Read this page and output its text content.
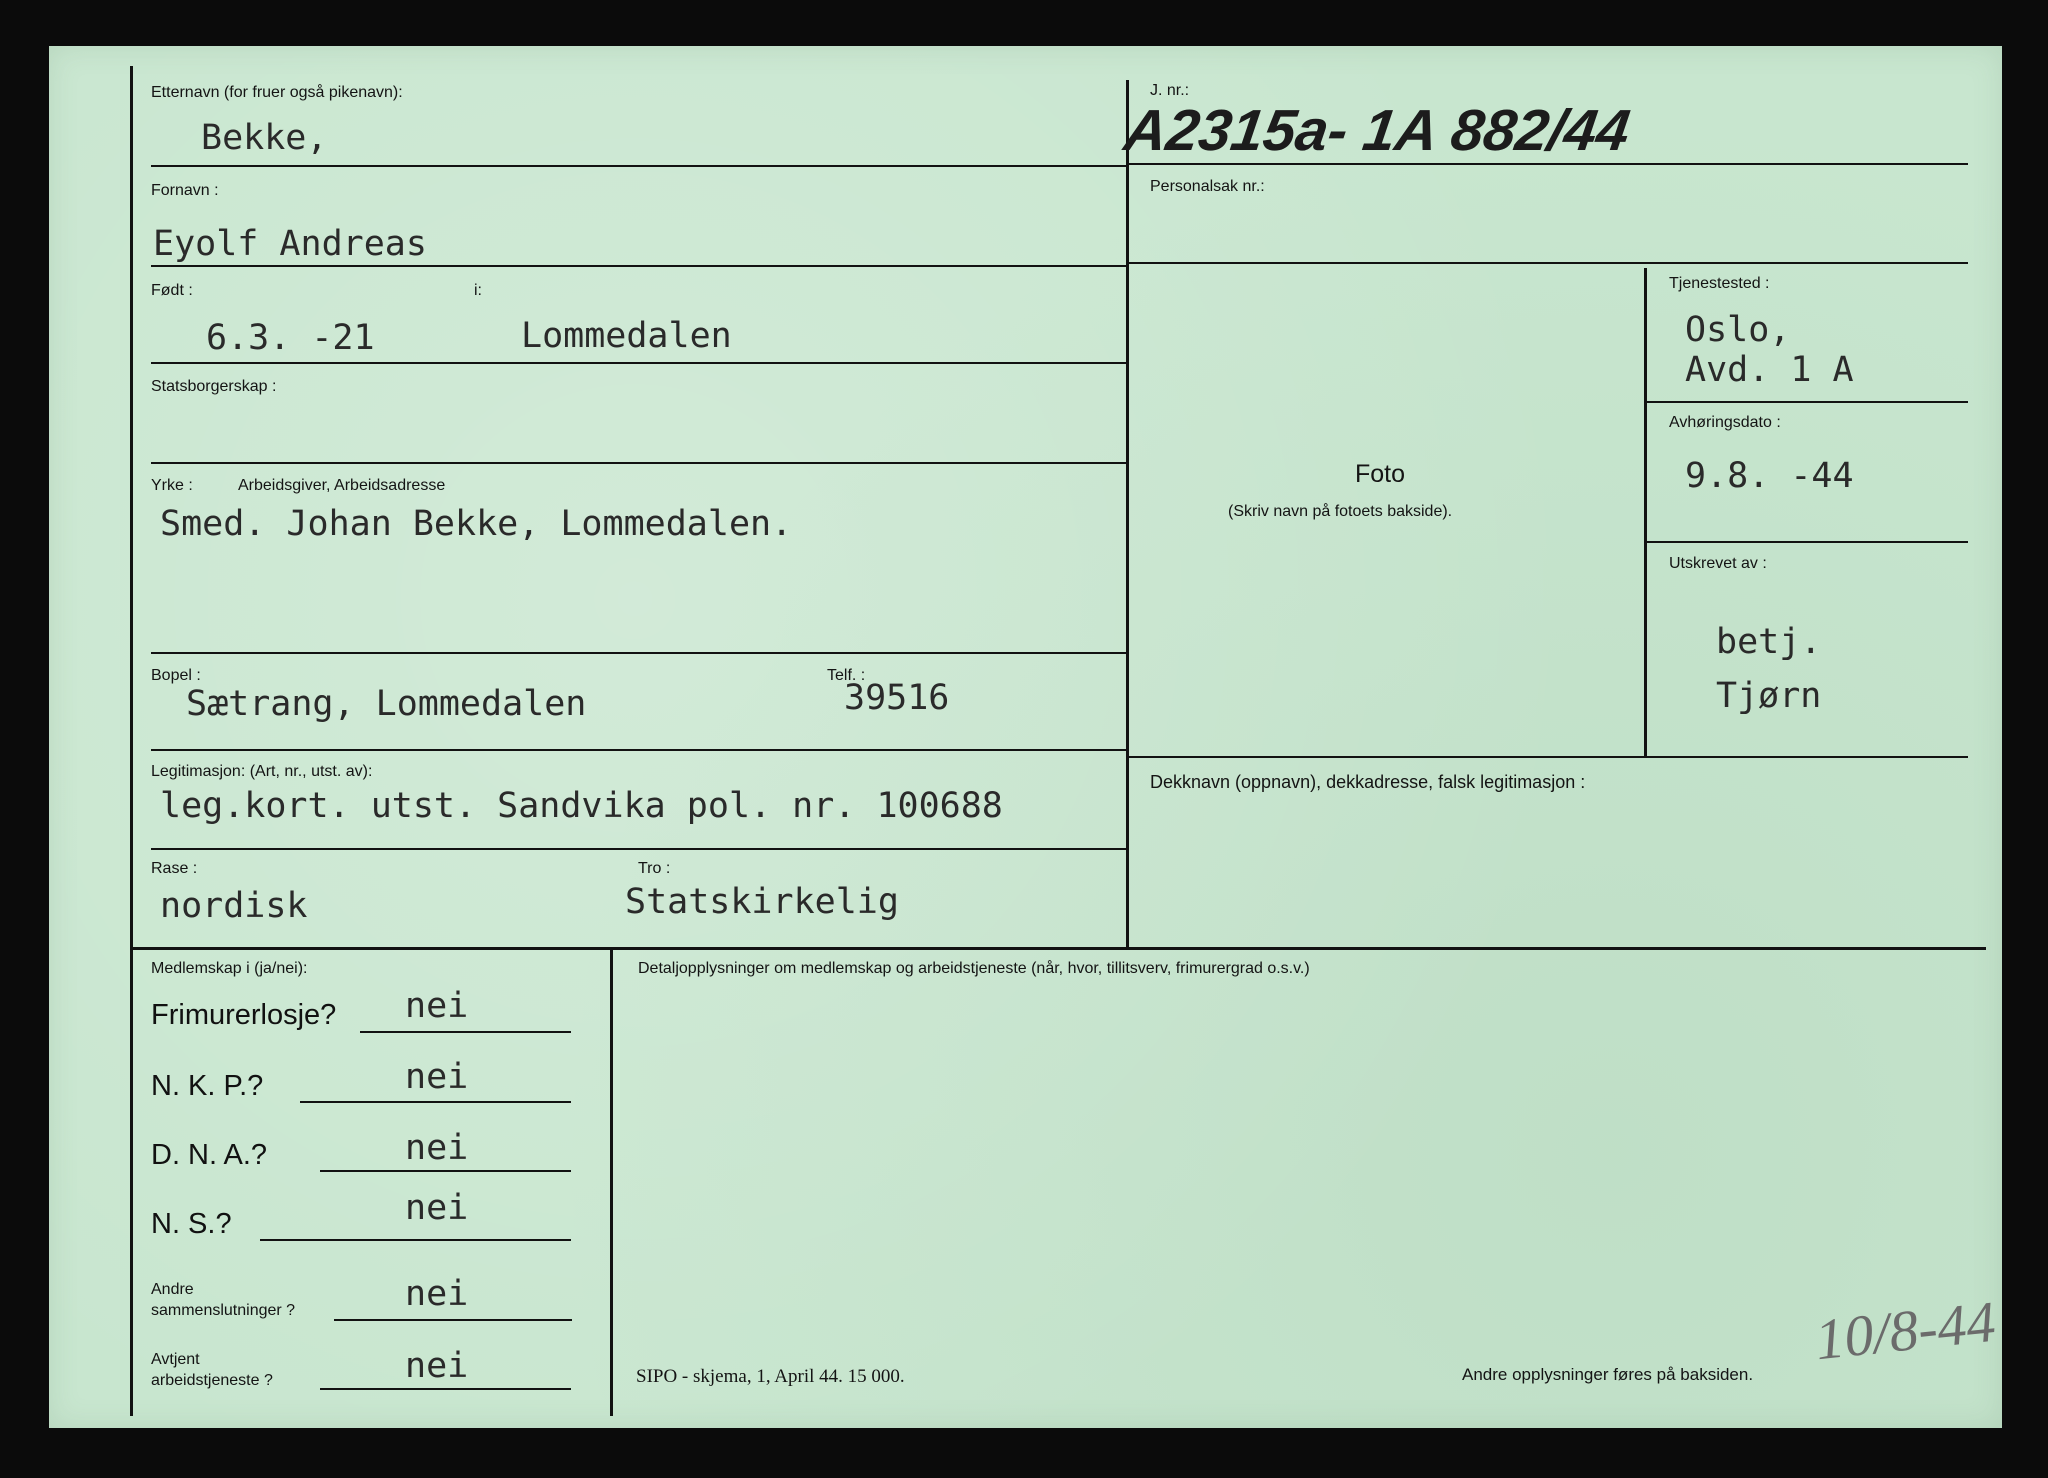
Etternavn (for fruer også pikenavn):
Bekke,
Fornavn :
Eyolf Andreas
Født :	i:
6.3. -21	Lommedalen
Statsborgerskap :
Yrke :	Arbeidsgiver, Arbeidsadresse
Smed. Johan Bekke, Lommedalen.
Bopel :	Telf. :
Sætrang, Lommedalen	39516
Legitimasjon: (Art, nr., utst. av):
leg.kort. utst. Sandvika pol. nr. 100688
Rase :	Tro :
nordisk	Statskirkelig
J. nr.:
A2315a- 1A 882/44
Personalsak nr.:
Tjenestested :
Oslo,
Avd. 1 A
Avhøringsdato :
9.8. -44
Utskrevet av :
betj.
Tjørn
Foto
(Skriv navn på fotoets bakside).
Dekknavn (oppnavn), dekkadresse, falsk legitimasjon :
Medlemskap i (ja/nei):	Detaljopplysninger om medlemskap og arbeidstjeneste (når, hvor, tillitsverv, frimurergrad o.s.v.)
Frimurerlosje? nei
N. K. P.?	nei
D. N. A.?	nei
N. S.?	nei
Andre
sammenslutninger ?	nei
Avtjent
arbeidstjeneste ?	nei	SIPO - skjema, 1, April 44. 15 000.	Andre opplysninger føres på baksiden.
10/8-44
